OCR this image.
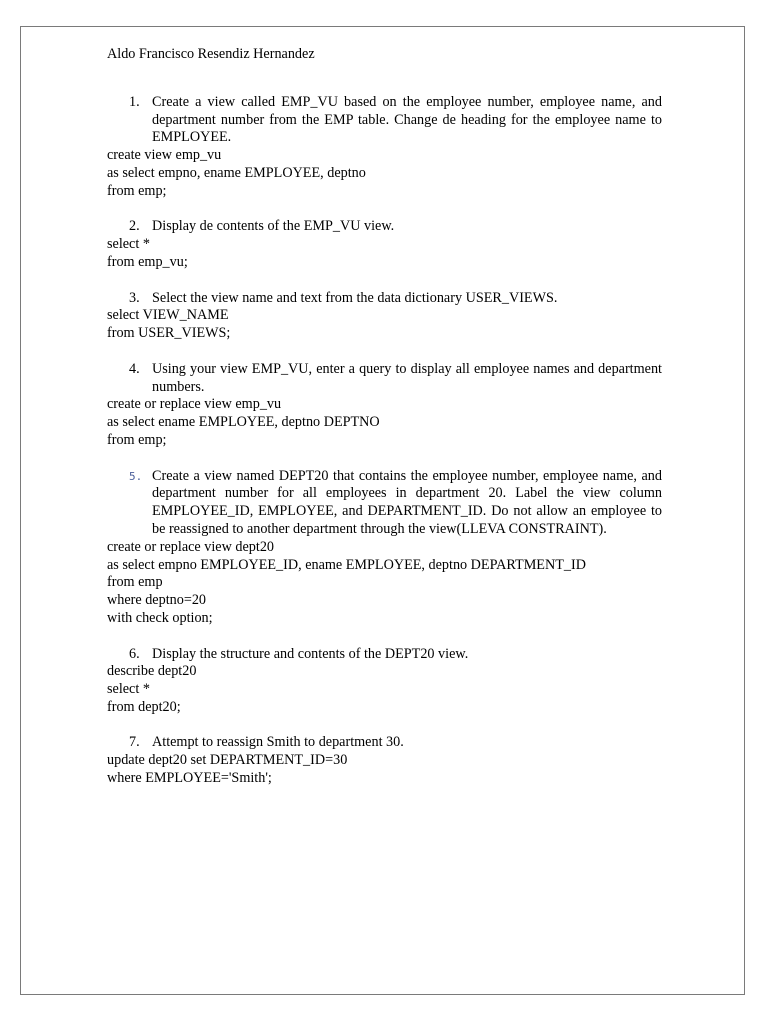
Aldo Francisco Resendiz Hernandez
1. Create a view called EMP_VU based on the employee number, employee name, and department number from the EMP table. Change de heading for the employee name to EMPLOYEE.
create view emp_vu
as select empno, ename EMPLOYEE, deptno
from emp;
2. Display de contents of the EMP_VU view.
select *
from emp_vu;
3. Select the view name and text from the data dictionary USER_VIEWS.
select VIEW_NAME
from USER_VIEWS;
4. Using your view EMP_VU, enter a query to display all employee names and department numbers.
create or replace view emp_vu
as select ename EMPLOYEE, deptno DEPTNO
from emp;
5. Create a view named DEPT20 that contains the employee number, employee name, and department number for all employees in department 20. Label the view column EMPLOYEE_ID, EMPLOYEE, and DEPARTMENT_ID. Do not allow an employee to be reassigned to another department through the view(LLEVA CONSTRAINT).
create or replace view dept20
as select empno EMPLOYEE_ID, ename EMPLOYEE, deptno DEPARTMENT_ID
from emp
where deptno=20
with check option;
6. Display the structure and contents of the DEPT20 view.
describe dept20
select *
from dept20;
7. Attempt to reassign Smith to department 30.
update dept20 set DEPARTMENT_ID=30
where EMPLOYEE='Smith';
